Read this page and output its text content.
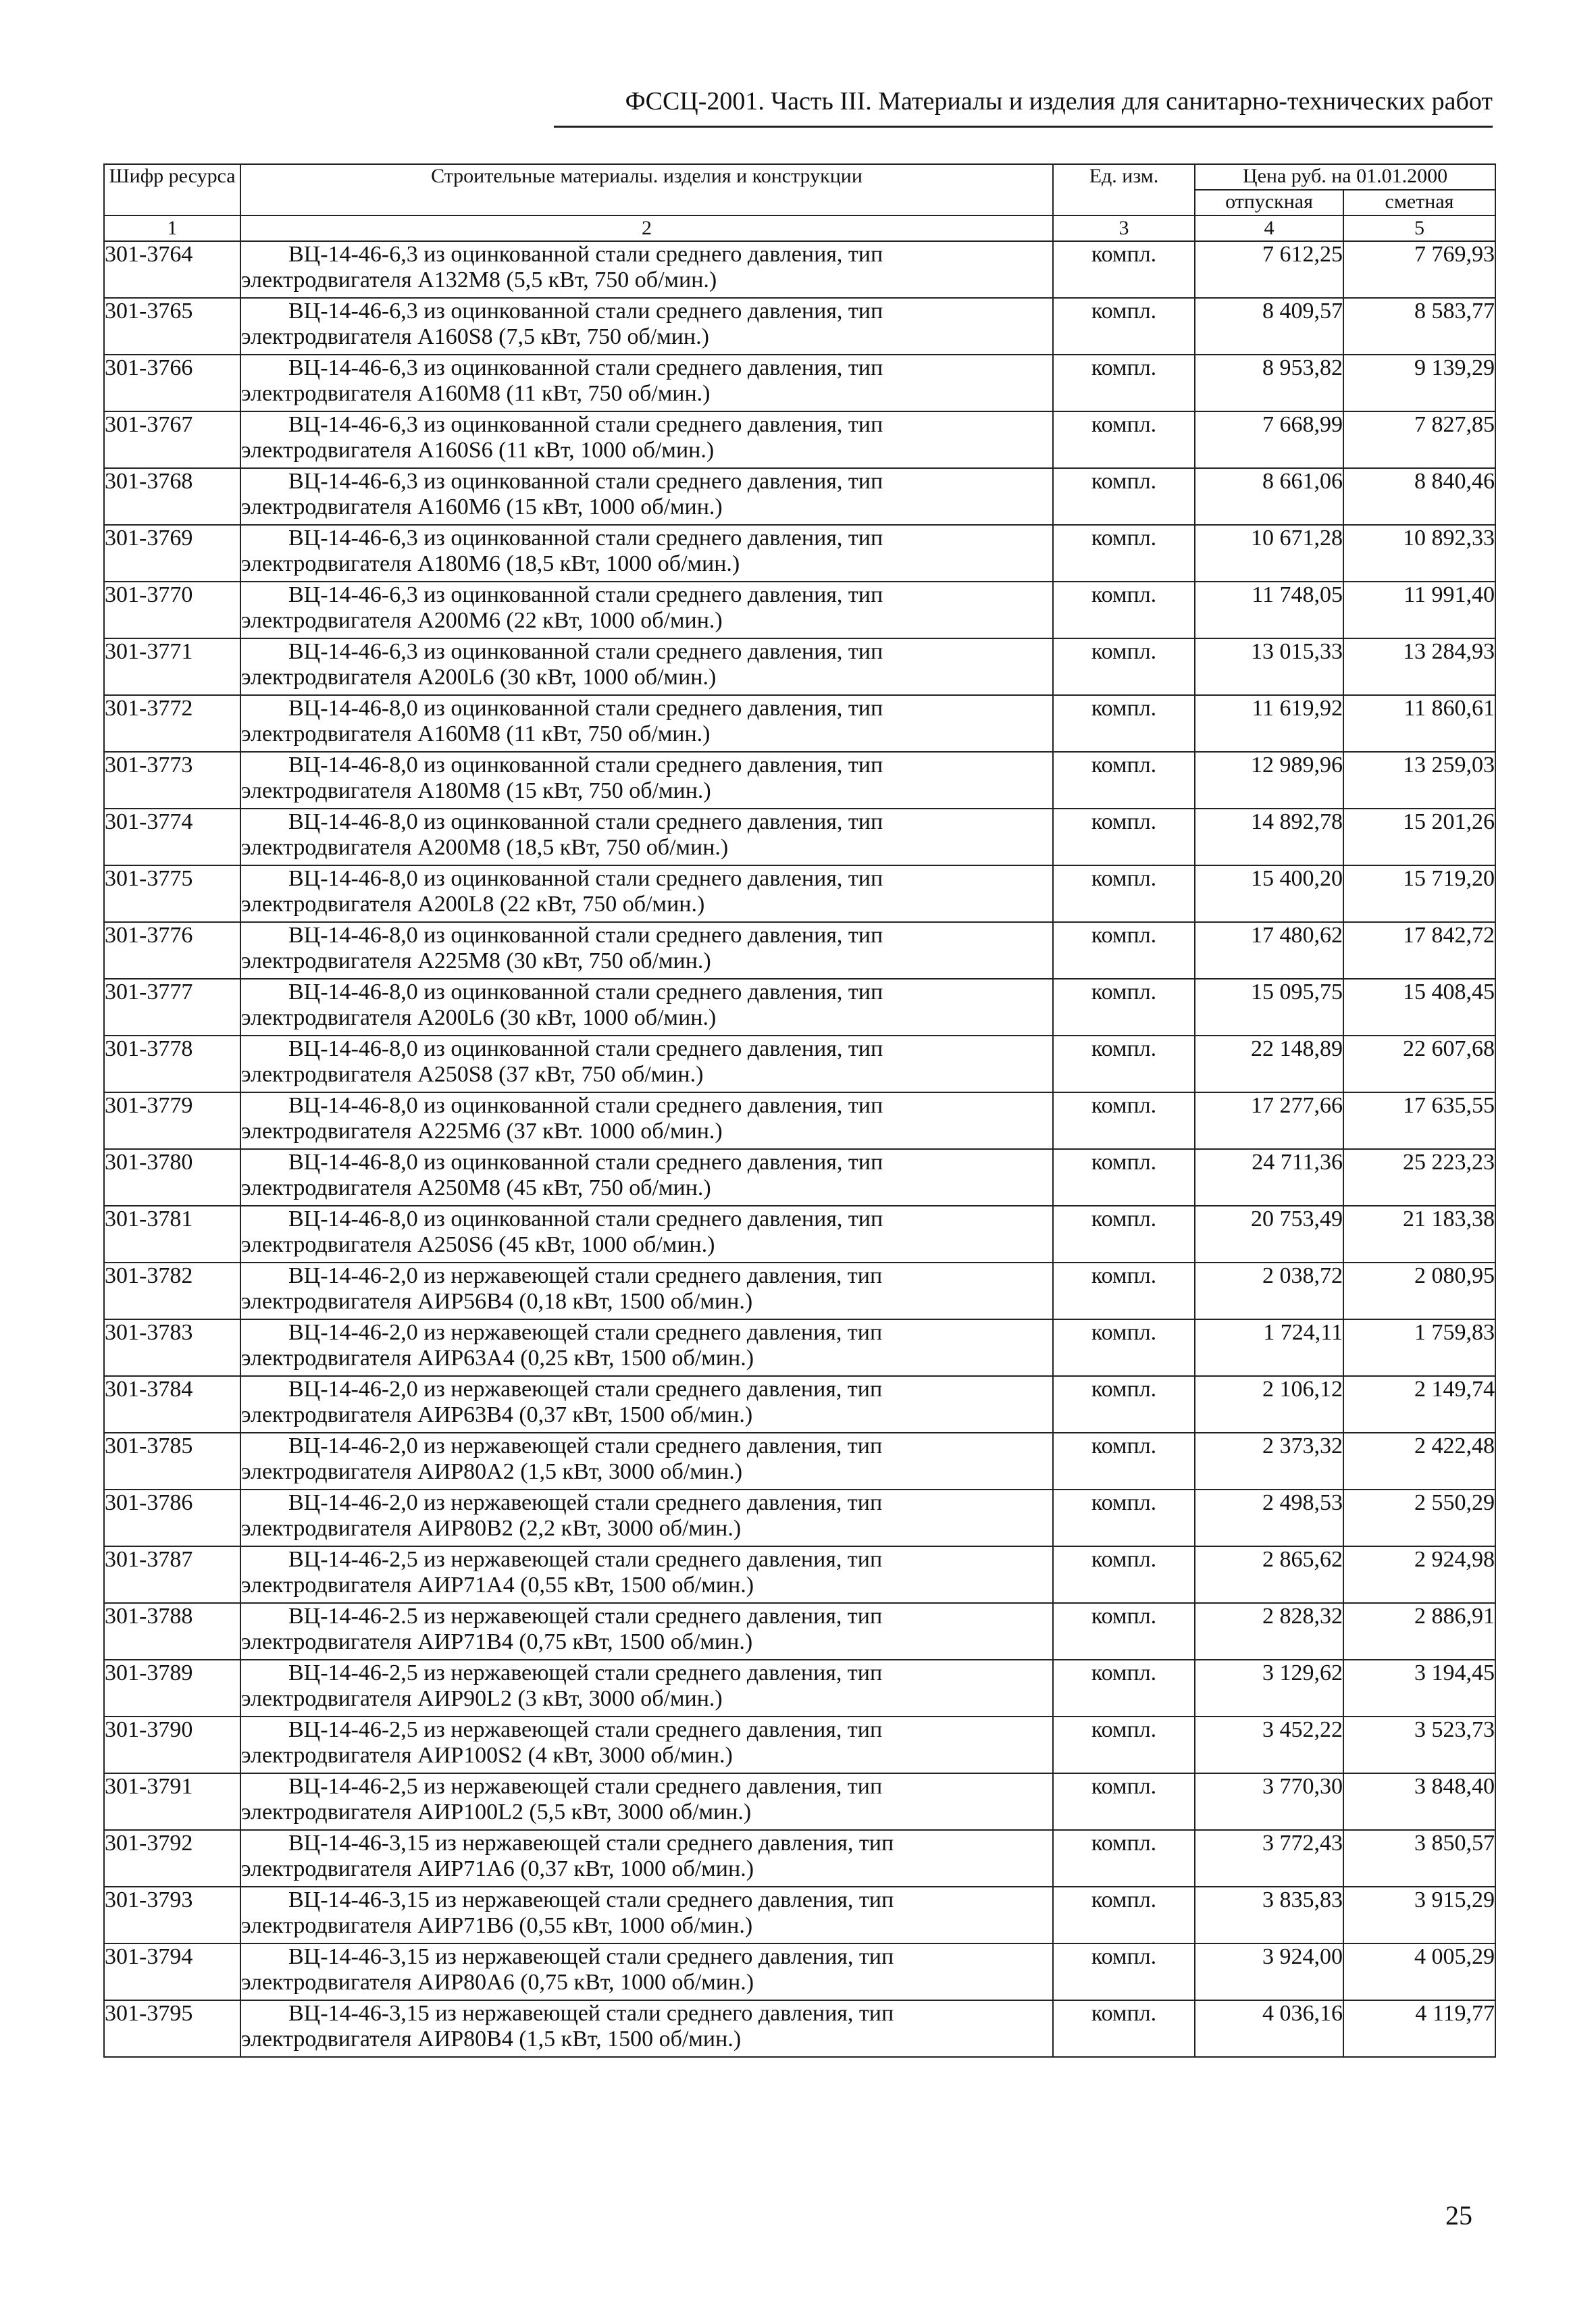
ФССЦ-2001. Часть III. Материалы и изделия для санитарно-технических работ
Шифр ресурса	Строительные материалы. изделия и конструкции	Ед. изм.	Цена руб. на 01.01.2000	
			отпускная	сметная
1	2	3	4	5
301-3764	ВЦ-14-46-6,3 из оцинкованной стали среднего давления, тип
электродвигателя А132М8 (5,5 кВт, 750 об/мин.)	компл.	7 612,25	7 769,93
301-3765	ВЦ-14-46-6,3 из оцинкованной стали среднего давления, тип
электродвигателя А160S8 (7,5 кВт, 750 об/мин.)	компл.	8 409,57	8 583,77
301-3766	ВЦ-14-46-6,3 из оцинкованной стали среднего давления, тип
электродвигателя А160М8 (11 кВт, 750 об/мин.)	компл.	8 953,82	9 139,29
301-3767	ВЦ-14-46-6,3 из оцинкованной стали среднего давления, тип
электродвигателя А160S6 (11 кВт, 1000 об/мин.)	компл.	7 668,99	7 827,85
301-3768	ВЦ-14-46-6,3 из оцинкованной стали среднего давления, тип
электродвигателя А160М6 (15 кВт, 1000 об/мин.)	компл.	8 661,06	8 840,46
301-3769	ВЦ-14-46-6,3 из оцинкованной стали среднего давления, тип
электродвигателя А180М6 (18,5 кВт, 1000 об/мин.)	компл.	10 671,28	10 892,33
301-3770	ВЦ-14-46-6,3 из оцинкованной стали среднего давления, тип
электродвигателя А200М6 (22 кВт, 1000 об/мин.)	компл.	11 748,05	11 991,40
301-3771	ВЦ-14-46-6,3 из оцинкованной стали среднего давления, тип
электродвигателя А200L6 (30 кВт, 1000 об/мин.)	компл.	13 015,33	13 284,93
301-3772	ВЦ-14-46-8,0 из оцинкованной стали среднего давления, тип
электродвигателя А160М8 (11 кВт, 750 об/мин.)	компл.	11 619,92	11 860,61
301-3773	ВЦ-14-46-8,0 из оцинкованной стали среднего давления, тип
электродвигателя А180М8 (15 кВт, 750 об/мин.)	компл.	12 989,96	13 259,03
301-3774	ВЦ-14-46-8,0 из оцинкованной стали среднего давления, тип
электродвигателя А200М8 (18,5 кВт, 750 об/мин.)	компл.	14 892,78	15 201,26
301-3775	ВЦ-14-46-8,0 из оцинкованной стали среднего давления, тип
электродвигателя А200L8 (22 кВт, 750 об/мин.)	компл.	15 400,20	15 719,20
301-3776	ВЦ-14-46-8,0 из оцинкованной стали среднего давления, тип
электродвигателя А225М8 (30 кВт, 750 об/мин.)	компл.	17 480,62	17 842,72
301-3777	ВЦ-14-46-8,0 из оцинкованной стали среднего давления, тип
электродвигателя А200L6 (30 кВт, 1000 об/мин.)	компл.	15 095,75	15 408,45
301-3778	ВЦ-14-46-8,0 из оцинкованной стали среднего давления, тип
электродвигателя А250S8 (37 кВт, 750 об/мин.)	компл.	22 148,89	22 607,68
301-3779	ВЦ-14-46-8,0 из оцинкованной стали среднего давления, тип
электродвигателя А225М6 (37 кВт. 1000 об/мин.)	компл.	17 277,66	17 635,55
301-3780	ВЦ-14-46-8,0 из оцинкованной стали среднего давления, тип
электродвигателя А250М8 (45 кВт, 750 об/мин.)	компл.	24 711,36	25 223,23
301-3781	ВЦ-14-46-8,0 из оцинкованной стали среднего давления, тип
электродвигателя А250S6 (45 кВт, 1000 об/мин.)	компл.	20 753,49	21 183,38
301-3782	ВЦ-14-46-2,0 из нержавеющей стали среднего давления, тип
электродвигателя АИР56В4 (0,18 кВт, 1500 об/мин.)	компл.	2 038,72	2 080,95
301-3783	ВЦ-14-46-2,0 из нержавеющей стали среднего давления, тип
электродвигателя АИР63А4 (0,25 кВт, 1500 об/мин.)	компл.	1 724,11	1 759,83
301-3784	ВЦ-14-46-2,0 из нержавеющей стали среднего давления, тип
электродвигателя АИР63В4 (0,37 кВт, 1500 об/мин.)	компл.	2 106,12	2 149,74
301-3785	ВЦ-14-46-2,0 из нержавеющей стали среднего давления, тип
электродвигателя АИР80А2 (1,5 кВт, 3000 об/мин.)	компл.	2 373,32	2 422,48
301-3786	ВЦ-14-46-2,0 из нержавеющей стали среднего давления, тип
электродвигателя АИР80В2 (2,2 кВт, 3000 об/мин.)	компл.	2 498,53	2 550,29
301-3787	ВЦ-14-46-2,5 из нержавеющей стали среднего давления, тип
электродвигателя АИР71А4 (0,55 кВт, 1500 об/мин.)	компл.	2 865,62	2 924,98
301-3788	ВЦ-14-46-2.5 из нержавеющей стали среднего давления, тип
электродвигателя АИР71В4 (0,75 кВт, 1500 об/мин.)	компл.	2 828,32	2 886,91
301-3789	ВЦ-14-46-2,5 из нержавеющей стали среднего давления, тип
электродвигателя АИР90L2 (3 кВт, 3000 об/мин.)	компл.	3 129,62	3 194,45
301-3790	ВЦ-14-46-2,5 из нержавеющей стали среднего давления, тип
электродвигателя АИР100S2 (4 кВт, 3000 об/мин.)	компл.	3 452,22	3 523,73
301-3791	ВЦ-14-46-2,5 из нержавеющей стали среднего давления, тип
электродвигателя АИР100L2 (5,5 кВт, 3000 об/мин.)	компл.	3 770,30	3 848,40
301-3792	ВЦ-14-46-3,15 из нержавеющей стали среднего давления, тип
электродвигателя АИР71А6 (0,37 кВт, 1000 об/мин.)	компл.	3 772,43	3 850,57
301-3793	ВЦ-14-46-3,15 из нержавеющей стали среднего давления, тип
электродвигателя АИР71В6 (0,55 кВт, 1000 об/мин.)	компл.	3 835,83	3 915,29
301-3794	ВЦ-14-46-3,15 из нержавеющей стали среднего давления, тип
электродвигателя АИР80А6 (0,75 кВт, 1000 об/мин.)	компл.	3 924,00	4 005,29
301-3795	ВЦ-14-46-3,15 из нержавеющей стали среднего давления, тип
электродвигателя АИР80В4 (1,5 кВт, 1500 об/мин.)	компл.	4 036,16	4 119,77
25
